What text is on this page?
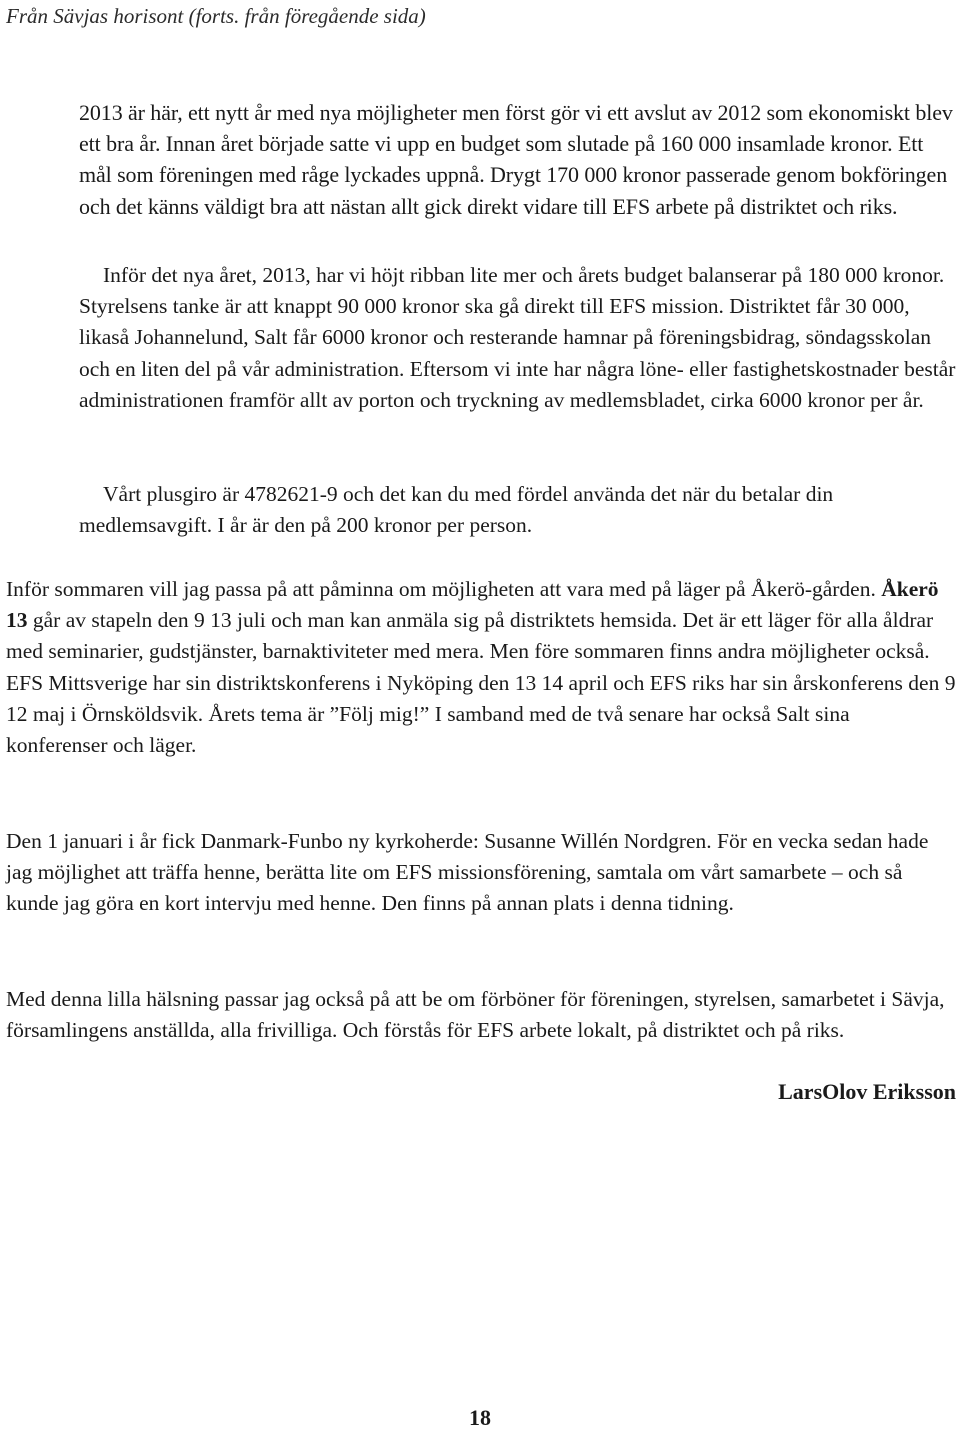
Från Sävjas horisont (forts. från föregående sida)

2013 är här, ett nytt år med nya möjligheter men först gör vi ett avslut av 2012 som ekonomiskt blev ett bra år. Innan året började satte vi upp en budget som slutade på 160 000 insamlade kronor. Ett mål som föreningen med råge lyckades uppnå. Drygt 170 000 kronor passerade genom bokföringen och det känns väldigt bra att nästan allt gick direkt vidare till EFS arbete på distriktet och riks.

Inför det nya året, 2013, har vi höjt ribban lite mer och årets budget balanserar på 180 000 kronor. Styrelsens tanke är att knappt 90 000 kronor ska gå direkt till EFS mission. Distriktet får 30 000, likaså Johannelund, Salt får 6000 kronor och resterande hamnar på föreningsbidrag, söndagsskolan och en liten del på vår administration. Eftersom vi inte har några löne- eller fastighetskostnader består administrationen framför allt av porton och tryckning av medlemsbladet, cirka 6000 kronor per år.

Vårt plusgiro är 4782621-9 och det kan du med fördel använda det när du betalar din medlemsavgift. I år är den på 200 kronor per person.

Inför sommaren vill jag passa på att påminna om möjligheten att vara med på läger på Åkerö-gården. Åkerö 13 går av stapeln den 9 13 juli och man kan anmäla sig på distriktets hemsida. Det är ett läger för alla åldrar med seminarier, gudstjänster, barnaktiviteter med mera. Men före sommaren finns andra möjligheter också. EFS Mittsverige har sin distriktskonferens i Nyköping den 13 14 april och EFS riks har sin årskonferens den 9 12 maj i Örnsköldsvik. Årets tema är ”Följ mig!” I samband med de två senare har också Salt sina konferenser och läger.

Den 1 januari i år fick Danmark-Funbo ny kyrkoherde: Susanne Willén Nordgren. För en vecka sedan hade jag möjlighet att träffa henne, berätta lite om EFS missionsförening, samtala om vårt samarbete – och så kunde jag göra en kort intervju med henne. Den finns på annan plats i denna tidning.

Med denna lilla hälsning passar jag också på att be om förböner för föreningen, styrelsen, samarbetet i Sävja, församlingens anställda, alla frivilliga. Och förstås för EFS arbete lokalt, på distriktet och på riks.

LarsOlov Eriksson

18
